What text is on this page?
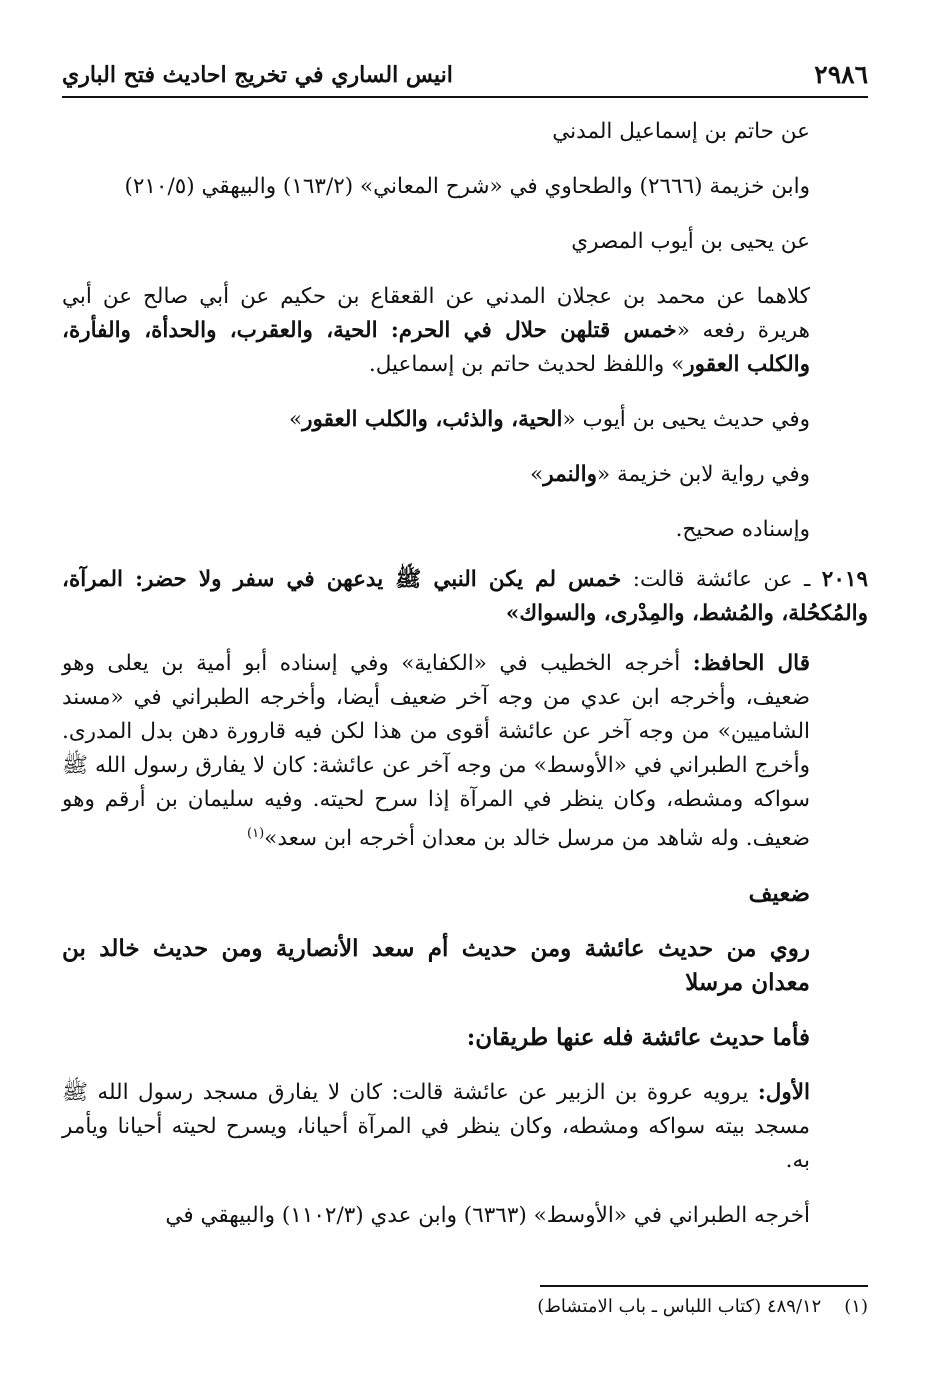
٢٩٨٦
انيس الساري في تخريج احاديث فتح الباري

عن حاتم بن إسماعيل المدني

وابن خزيمة (٢٦٦٦) والطحاوي في «شرح المعاني» (١٦٣/٢) والبيهقي (٢١٠/٥)

عن يحيى بن أيوب المصري

كلاهما عن محمد بن عجلان المدني عن القعقاع بن حكيم عن أبي صالح عن أبي هريرة رفعه «خمس قتلهن حلال في الحرم: الحية، والعقرب، والحدأة، والفأرة، والكلب العقور» واللفظ لحديث حاتم بن إسماعيل.

وفي حديث يحيى بن أيوب «الحية، والذئب، والكلب العقور»

وفي رواية لابن خزيمة «والنمر»

وإسناده صحيح.

٢٠١٩ ـ عن عائشة قالت: خمس لم يكن النبي ﷺ يدعهن في سفر ولا حضر: المرآة، والمُكحُلة، والمُشط، والمِدْرى، والسواك»

قال الحافظ: أخرجه الخطيب في «الكفاية» وفي إسناده أبو أمية بن يعلى وهو ضعيف، وأخرجه ابن عدي من وجه آخر ضعيف أيضا، وأخرجه الطبراني في «مسند الشاميين» من وجه آخر عن عائشة أقوى من هذا لكن فيه قارورة دهن بدل المدرى. وأخرج الطبراني في «الأوسط» من وجه آخر عن عائشة: كان لا يفارق رسول الله ﷺ سواكه ومشطه، وكان ينظر في المرآة إذا سرح لحيته. وفيه سليمان بن أرقم وهو ضعيف. وله شاهد من مرسل خالد بن معدان أخرجه ابن سعد»$^{(١)}$

ضعيف

روي من حديث عائشة ومن حديث أم سعد الأنصارية ومن حديث خالد بن معدان مرسلا

فأما حديث عائشة فله عنها طريقان:

الأول: يرويه عروة بن الزبير عن عائشة قالت: كان لا يفارق مسجد رسول الله ﷺ مسجد بيته سواكه ومشطه، وكان ينظر في المرآة أحيانا، ويسرح لحيته أحيانا ويأمر به.

أخرجه الطبراني في «الأوسط» (٦٣٦٣) وابن عدي (١١٠٢/٣) والبيهقي في

(١)    ٤٨٩/١٢ (كتاب اللباس ـ باب الامتشاط)
